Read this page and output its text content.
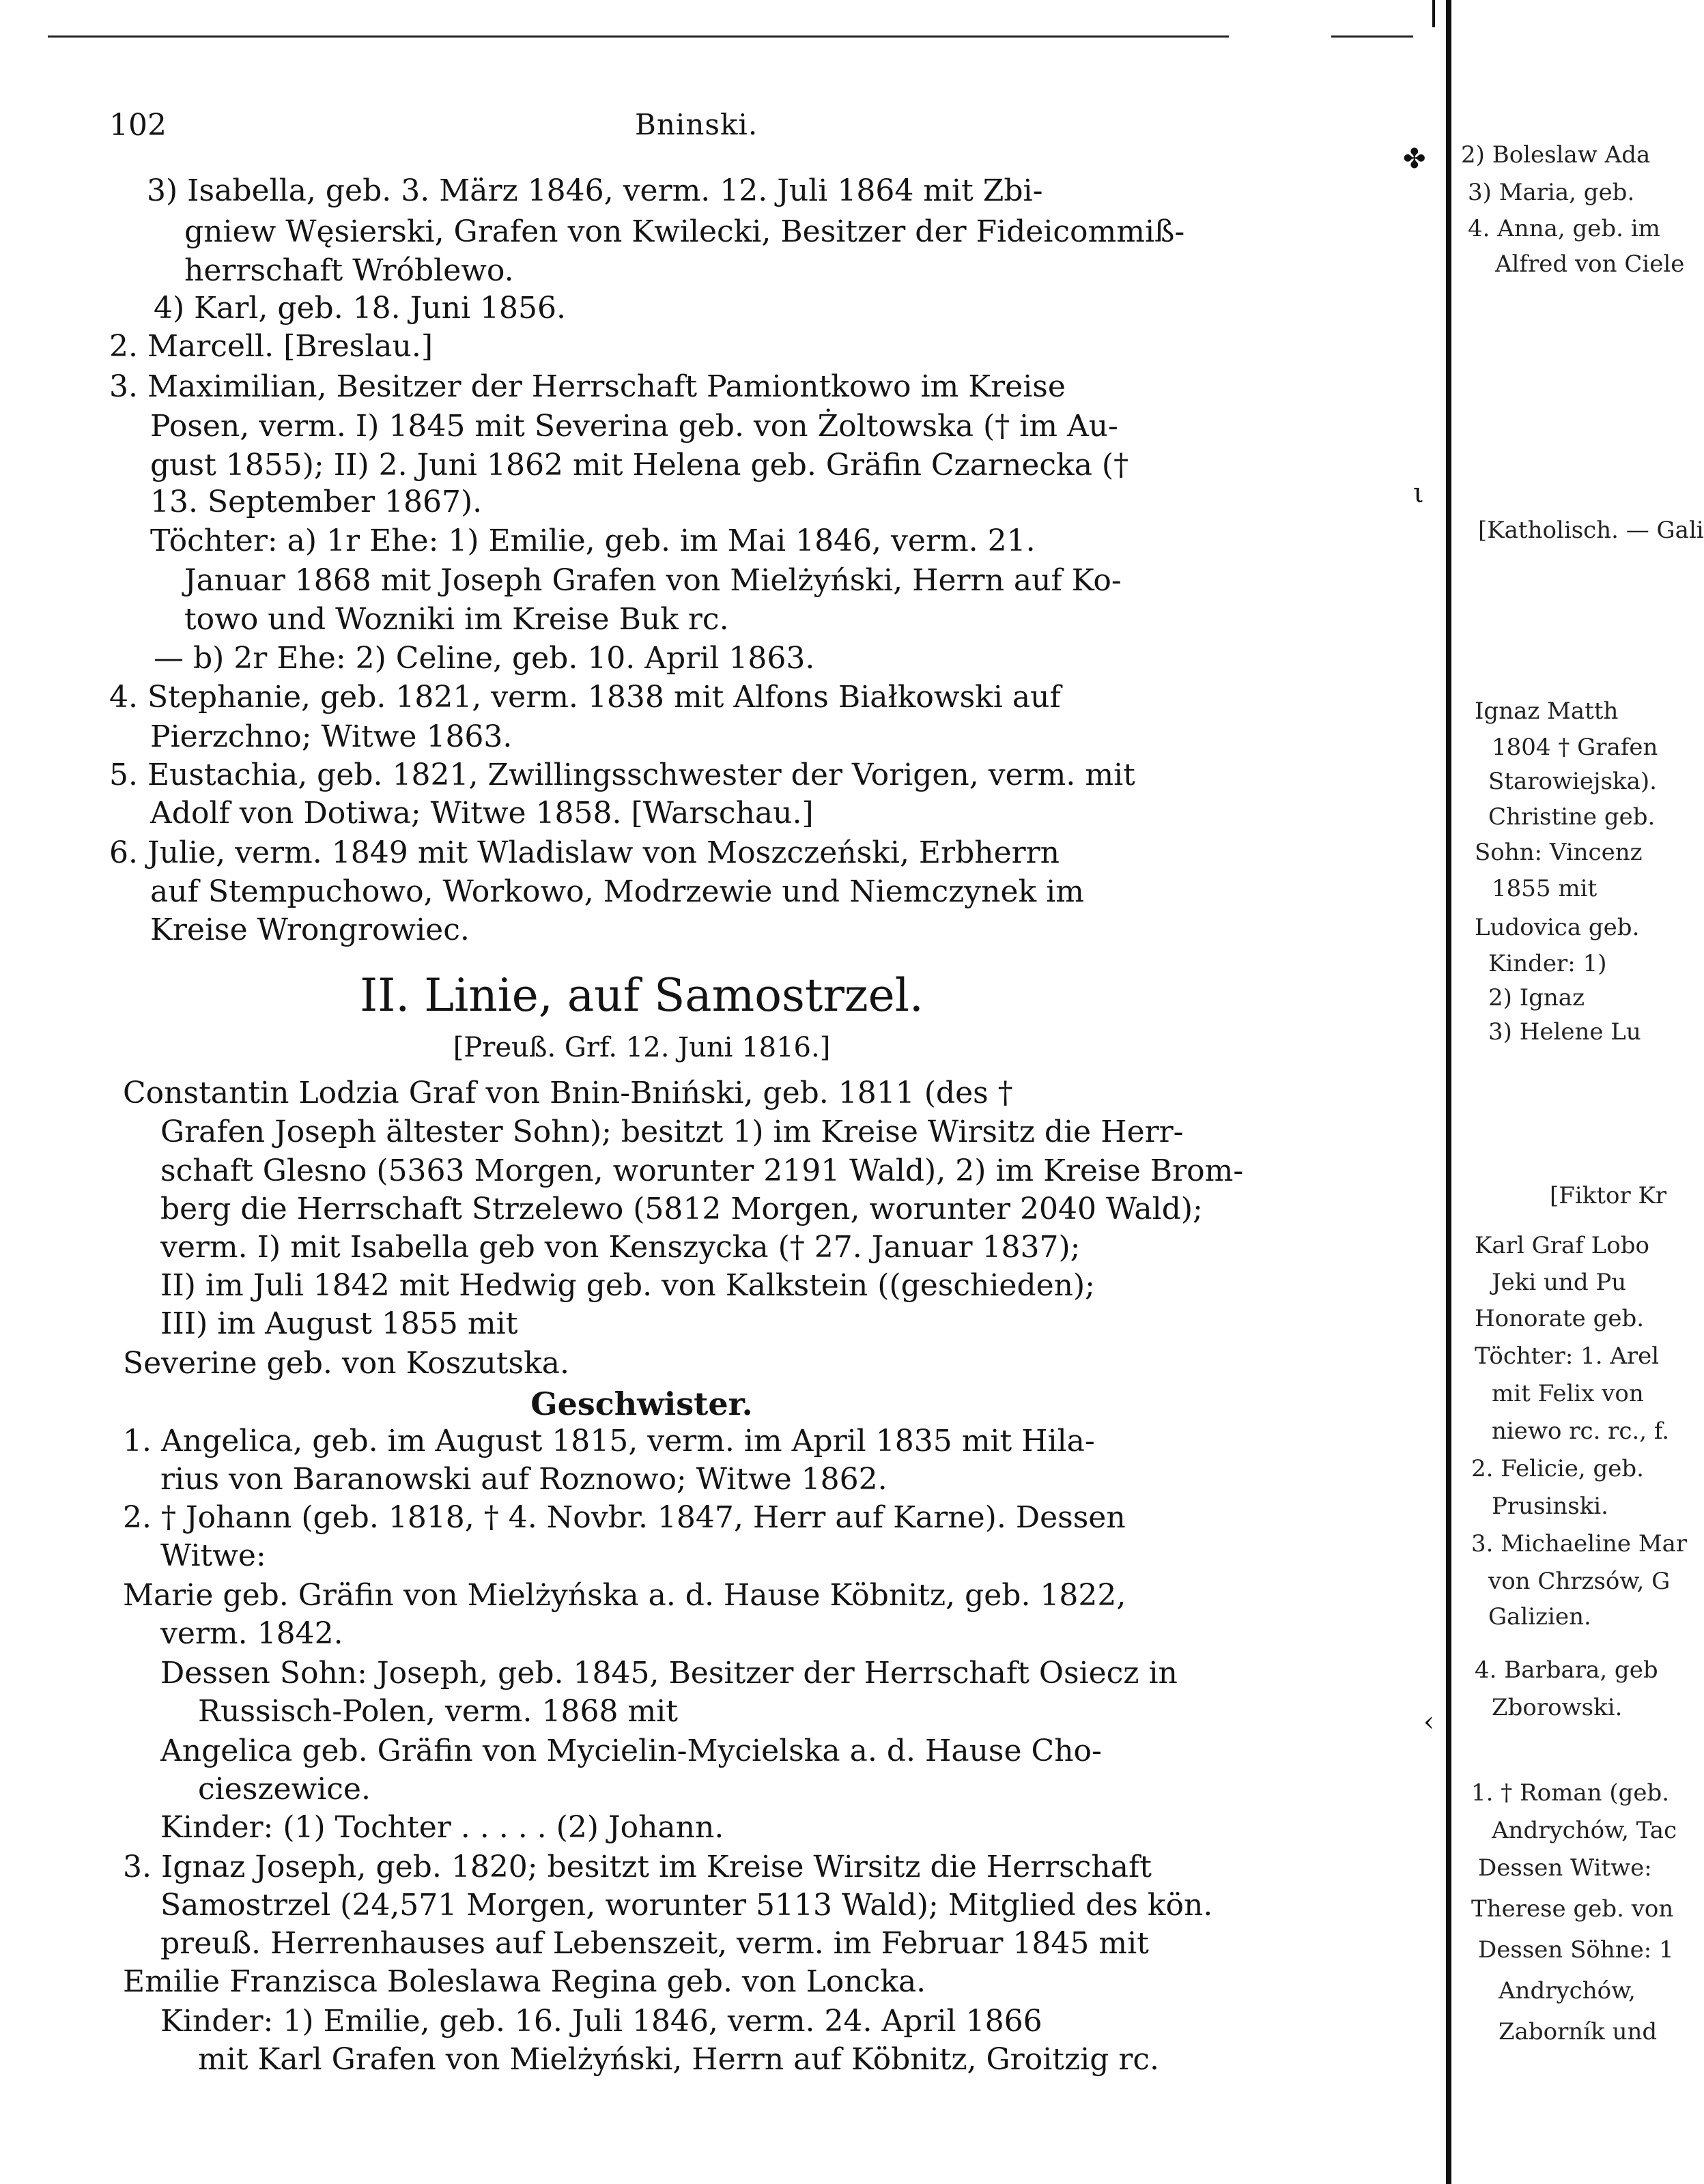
102	Bninski.
3) Isabella, geb. 3. März 1846, verm. 12. Juli 1864 mit Zbi-
gniew Węsierski, Grafen von Kwilecki, Besitzer der Fideicommiß-
herrschaft Wróblewo.
4) Karl, geb. 18. Juni 1856.
2. Marcell. [Breslau.]
3. Maximilian, Besitzer der Herrschaft Pamiontkowo im Kreise
Posen, verm. I) 1845 mit Severina geb. von Żoltowska († im Au-
gust 1855); II) 2. Juni 1862 mit Helena geb. Gräfin Czarnecka (†
13. September 1867).
Töchter: a) 1r Ehe: 1) Emilie, geb. im Mai 1846, verm. 21.
Januar 1868 mit Joseph Grafen von Mielżyński, Herrn auf Ko-
towo und Wozniki im Kreise Buk rc.
— b) 2r Ehe: 2) Celine, geb. 10. April 1863.
4. Stephanie, geb. 1821, verm. 1838 mit Alfons Białkowski auf
Pierzchno; Witwe 1863.
5. Eustachia, geb. 1821, Zwillingsschwester der Vorigen, verm. mit
Adolf von Dotiwa; Witwe 1858. [Warschau.]
6. Julie, verm. 1849 mit Wladislaw von Moszczeński, Erbherrn
auf Stempuchowo, Workowo, Modrzewie und Niemczynek im
Kreise Wrongrowiec.
II. Linie, auf Samostrzel.
[Preuß. Grf. 12. Juni 1816.]
Constantin Lodzia Graf von Bnin-Bniński, geb. 1811 (des †
Grafen Joseph ältester Sohn); besitzt 1) im Kreise Wirsitz die Herr-
schaft Glesno (5363 Morgen, worunter 2191 Wald), 2) im Kreise Brom-
berg die Herrschaft Strzelewo (5812 Morgen, worunter 2040 Wald);
verm. I) mit Isabella geb von Kenszycka († 27. Januar 1837);
II) im Juli 1842 mit Hedwig geb. von Kalkstein ((geschieden);
III) im August 1855 mit
Severine geb. von Koszutska.
Geschwister.
1. Angelica, geb. im August 1815, verm. im April 1835 mit Hila-
rius von Baranowski auf Roznowo; Witwe 1862.
2. † Johann (geb. 1818, † 4. Novbr. 1847, Herr auf Karne). Dessen
Witwe:
Marie geb. Gräfin von Mielżyńska a. d. Hause Köbnitz, geb. 1822,
verm. 1842.
Dessen Sohn: Joseph, geb. 1845, Besitzer der Herrschaft Osiecz in
Russisch-Polen, verm. 1868 mit
Angelica geb. Gräfin von Mycielin-Mycielska a. d. Hause Cho-
cieszewice.
Kinder: (1) Tochter . . . . . (2) Johann.
3. Ignaz Joseph, geb. 1820; besitzt im Kreise Wirsitz die Herrschaft
Samostrzel (24,571 Morgen, worunter 5113 Wald); Mitglied des kön.
preuß. Herrenhauses auf Lebenszeit, verm. im Februar 1845 mit
Emilie Franzisca Boleslawa Regina geb. von Loncka.
Kinder: 1) Emilie, geb. 16. Juli 1846, verm. 24. April 1866
mit Karl Grafen von Mielżyński, Herrn auf Köbnitz, Groitzig rc.
✤
ι
‹
2) Boleslaw Ada
3) Maria, geb.
4. Anna, geb. im
Alfred von Ciele
[Katholisch. — Gali
Ignaz Matth
1804 † Grafen
Starowiejska).
Christine geb.
Sohn: Vincenz
1855 mit
Ludovica geb.
Kinder: 1)
2) Ignaz
3) Helene Lu
[Fiktor Kr
Karl Graf Lobo
Jeki und Pu
Honorate geb.
Töchter: 1. Arel
mit Felix von
niewo rc. rc., f.
2. Felicie, geb.
Prusinski.
3. Michaeline Mar
von Chrzsów, G
Galizien.
4. Barbara, geb
Zborowski.
1. † Roman (geb.
Andrychów, Tac
Dessen Witwe:
Therese geb. von
Dessen Söhne: 1
Andrychów,
Zaborník und
